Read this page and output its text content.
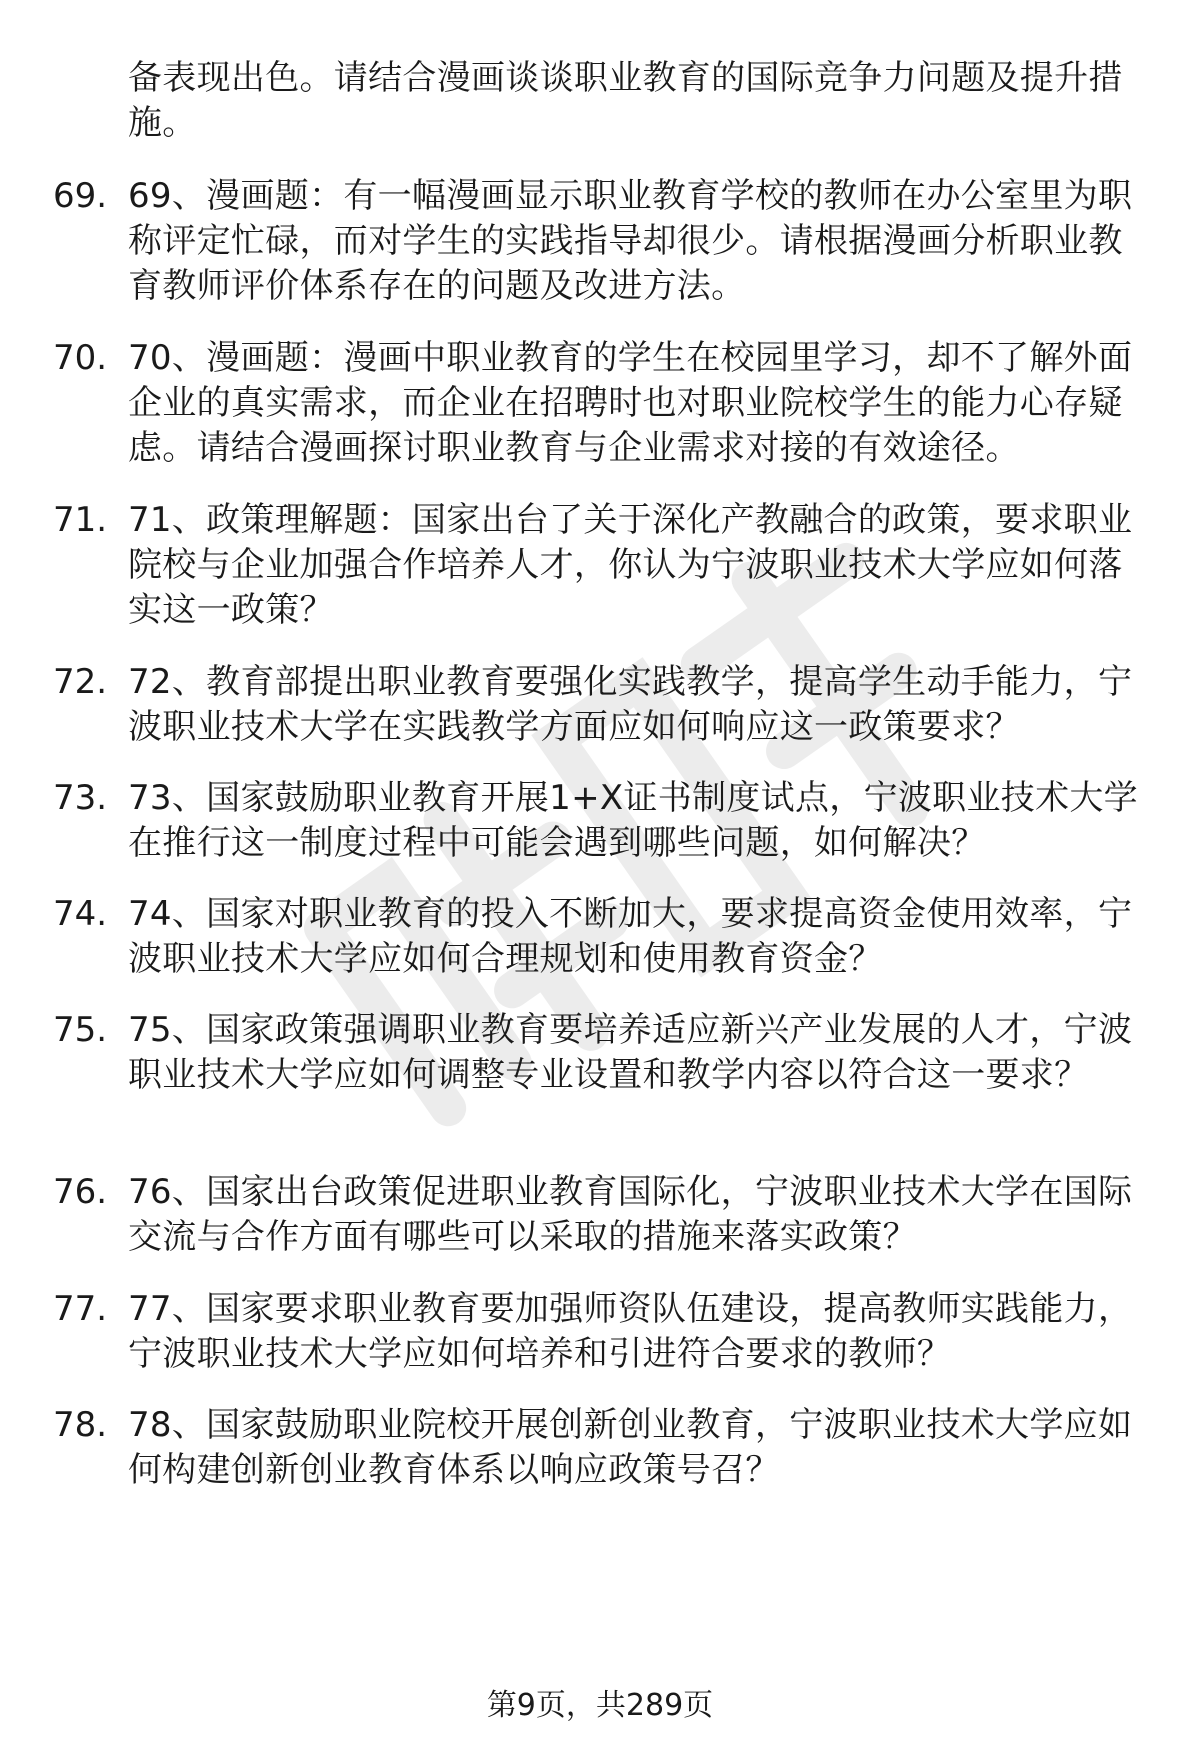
备表现出色。请结合漫画谈谈职业教育的国际竞争力问题及提升措施。
69. 69、漫画题：有一幅漫画显示职业教育学校的教师在办公室里为职称评定忙碌，而对学生的实践指导却很少。请根据漫画分析职业教育教师评价体系存在的问题及改进方法。
70. 70、漫画题：漫画中职业教育的学生在校园里学习，却不了解外面企业的真实需求，而企业在招聘时也对职业院校学生的能力心存疑虑。请结合漫画探讨职业教育与企业需求对接的有效途径。
71. 71、政策理解题：国家出台了关于深化产教融合的政策，要求职业院校与企业加强合作培养人才，你认为宁波职业技术大学应如何落实这一政策？
72. 72、教育部提出职业教育要强化实践教学，提高学生动手能力，宁波职业技术大学在实践教学方面应如何响应这一政策要求？
73. 73、国家鼓励职业教育开展1+X证书制度试点，宁波职业技术大学在推行这一制度过程中可能会遇到哪些问题，如何解决？
74. 74、国家对职业教育的投入不断加大，要求提高资金使用效率，宁波职业技术大学应如何合理规划和使用教育资金？
75. 75、国家政策强调职业教育要培养适应新兴产业发展的人才，宁波职业技术大学应如何调整专业设置和教学内容以符合这一要求？
76. 76、国家出台政策促进职业教育国际化，宁波职业技术大学在国际交流与合作方面有哪些可以采取的措施来落实政策？
77. 77、国家要求职业教育要加强师资队伍建设，提高教师实践能力，宁波职业技术大学应如何培养和引进符合要求的教师？
78. 78、国家鼓励职业院校开展创新创业教育，宁波职业技术大学应如何构建创新创业教育体系以响应政策号召？
第9页，共289页
